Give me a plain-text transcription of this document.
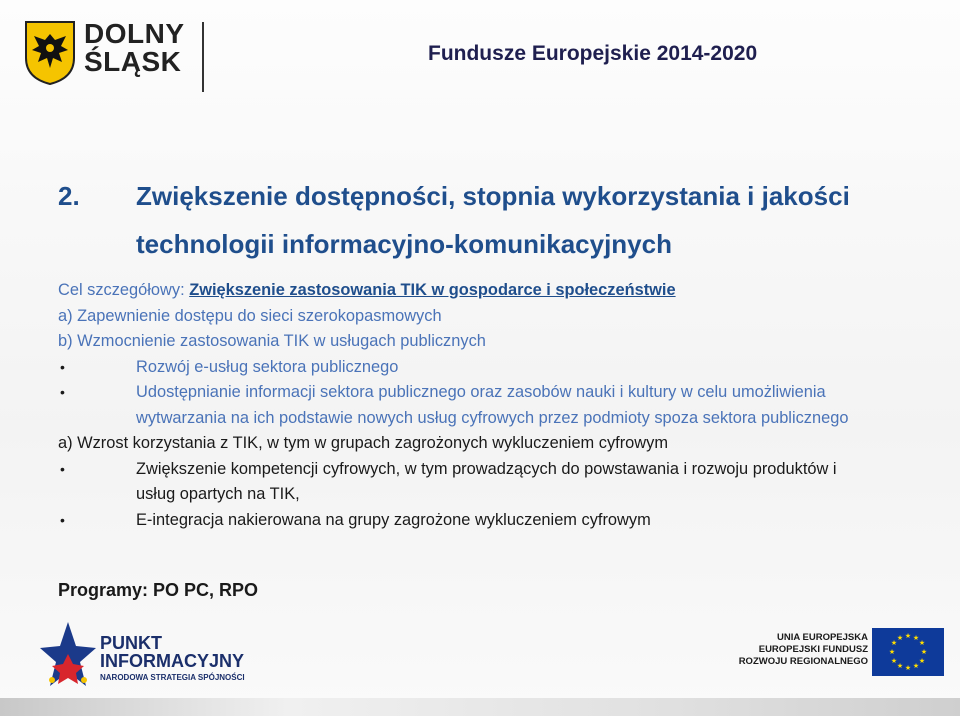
DOLNY
ŚLĄSK	Fundusze Europejskie 2014-2020
2. Zwiększenie dostępności, stopnia wykorzystania i jakości technologii informacyjno-komunikacyjnych
Cel szczegółowy: Zwiększenie zastosowania TIK w gospodarce i społeczeństwie
a) Zapewnienie dostępu do sieci szerokopasmowych
b) Wzmocnienie zastosowania TIK w usługach publicznych
•	Rozwój e-usług sektora publicznego
•	Udostępnianie informacji sektora publicznego oraz zasobów nauki i kultury w celu umożliwienia wytwarzania na ich podstawie nowych usług cyfrowych przez podmioty spoza sektora publicznego
a) Wzrost korzystania z TIK, w tym w grupach zagrożonych wykluczeniem cyfrowym
•	Zwiększenie kompetencji cyfrowych, w tym prowadzących do powstawania i rozwoju produktów i usług opartych na TIK,
•	E-integracja nakierowana na grupy zagrożone wykluczeniem cyfrowym
Programy: PO PC, RPO
PUNKT
INFORMACYJNY
NARODOWA STRATEGIA SPÓJNOŚCI
UNIA EUROPEJSKA
EUROPEJSKI FUNDUSZ
ROZWOJU REGIONALNEGO
★ ★
★
★
★
★
★
★
★
★
★
★
